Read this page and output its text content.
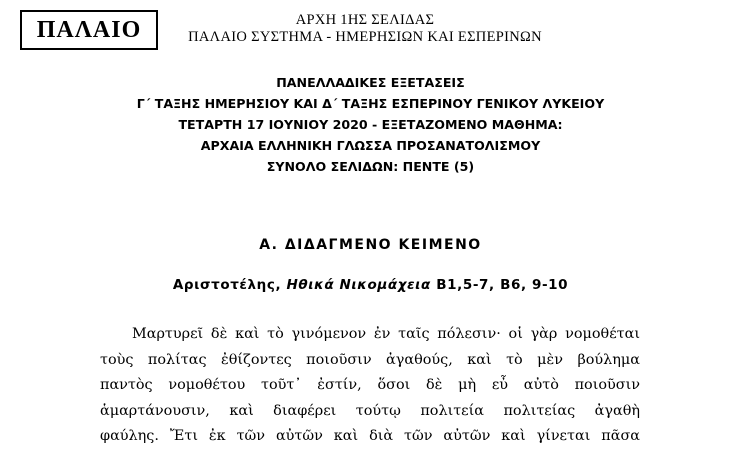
ΠΑΛΑΙΟ	ΑΡΧΗ 1ΗΣ ΣΕΛΙΔΑΣ
ΠΑΛΑΙΟ ΣΥΣΤΗΜΑ - ΗΜΕΡΗΣΙΩΝ ΚΑΙ ΕΣΠΕΡΙΝΩΝ
ΠΑΝΕΛΛΑΔΙΚΕΣ ΕΞΕΤΑΣΕΙΣ
Γ΄ ΤΑΞΗΣ ΗΜΕΡΗΣΙΟΥ ΚΑΙ Δ΄ ΤΑΞΗΣ ΕΣΠΕΡΙΝΟΥ ΓΕΝΙΚΟΥ ΛΥΚΕΙΟΥ
ΤΕΤΑΡΤΗ 17 ΙΟΥΝΙΟΥ 2020 - ΕΞΕΤΑΖΟΜΕΝΟ ΜΑΘΗΜΑ:
ΑΡΧΑΙΑ ΕΛΛΗΝΙΚΗ ΓΛΩΣΣΑ ΠΡΟΣΑΝΑΤΟΛΙΣΜΟΥ
ΣΥΝΟΛΟ ΣΕΛΙΔΩΝ: ΠΕΝΤΕ (5)
Α. ΔΙΔΑΓΜΕΝΟ ΚΕΙΜΕΝΟ
Αριστοτέλης, Ηθικά Νικομάχεια Β1,5-7, Β6, 9-10
Μαρτυρεῖ δὲ καὶ τὸ γινόμενον ἐν ταῖς πόλεσιν· οἱ γὰρ νομοθέται
τοὺς πολίτας ἐθίζοντες ποιοῦσιν ἀγαθούς, καὶ τὸ μὲν βούλημα
παντὸς νομοθέτου τοῦτ᾽ ἐστίν, ὅσοι δὲ μὴ εὖ αὐτὸ ποιοῦσιν
ἁμαρτάνουσιν, καὶ διαφέρει τούτῳ πολιτεία πολιτείας ἀγαθὴ
φαύλης. Ἔτι ἐκ τῶν αὐτῶν καὶ διὰ τῶν αὐτῶν καὶ γίνεται πᾶσα
